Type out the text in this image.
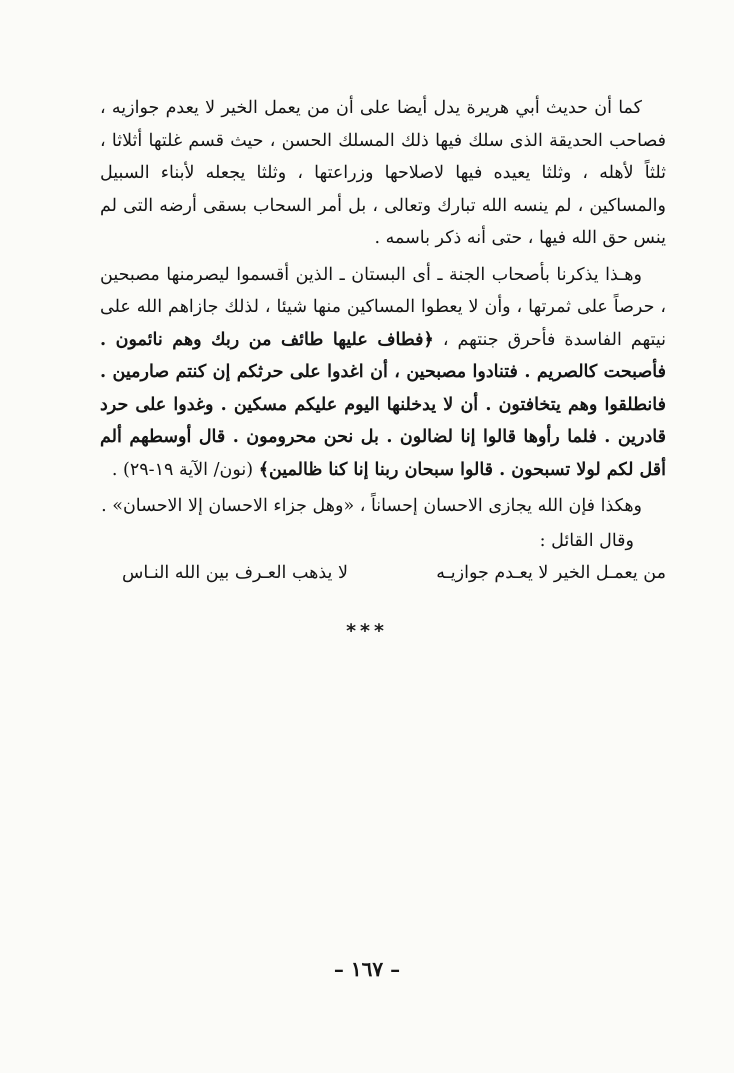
كما أن حديث أبي هريرة يدل أيضا على أن من يعمل الخير لا يعدم جوازيه ، فصاحب الحديقة الذى سلك فيها ذلك المسلك الحسن ، حيث قسم غلتها أثلاثا ، ثلثاً لأهله ، وثلثا يعيده فيها لاصلاحها وزراعتها ، وثلثا يجعله لأبناء السبيل والمساكين ، لم ينسه الله تبارك وتعالى ، بل أمر السحاب بسقى أرضه التى لم ينس حق الله فيها ، حتى أنه ذكر باسمه .

وهـذا يذكرنا بأصحاب الجنة ـ أى البستان ـ الذين أقسموا ليصرمنها مصبحين ، حرصاً على ثمرتها ، وأن لا يعطوا المساكين منها شيئا ، لذلك جازاهم الله على نيتهم الفاسدة فأحرق جنتهم ، ﴿فطاف عليها طائف من ربك وهم نائمون . فأصبحت كالصريم . فتنادوا مصبحين ، أن اغدوا على حرثكم إن كنتم صارمين . فانطلقوا وهم يتخافتون . أن لا يدخلنها اليوم عليكم مسكين . وغدوا على حرد قادرين . فلما رأوها قالوا إنا لضالون . بل نحن محرومون . قال أوسطهم ألم أقل لكم لولا تسبحون . قالوا سبحان ربنا إنا كنا ظالمين﴾ (نون/ الآية ١٩-٢٩) .

وهكذا فإن الله يجازى الاحسان إحساناً ، «وهل جزاء الاحسان إلا الاحسان» .

وقال القائل :

من يعمـل الخير لا يعـدم جوازيـه
لا يذهب العـرف بين الله النـاس
***
– ١٦٧ –
